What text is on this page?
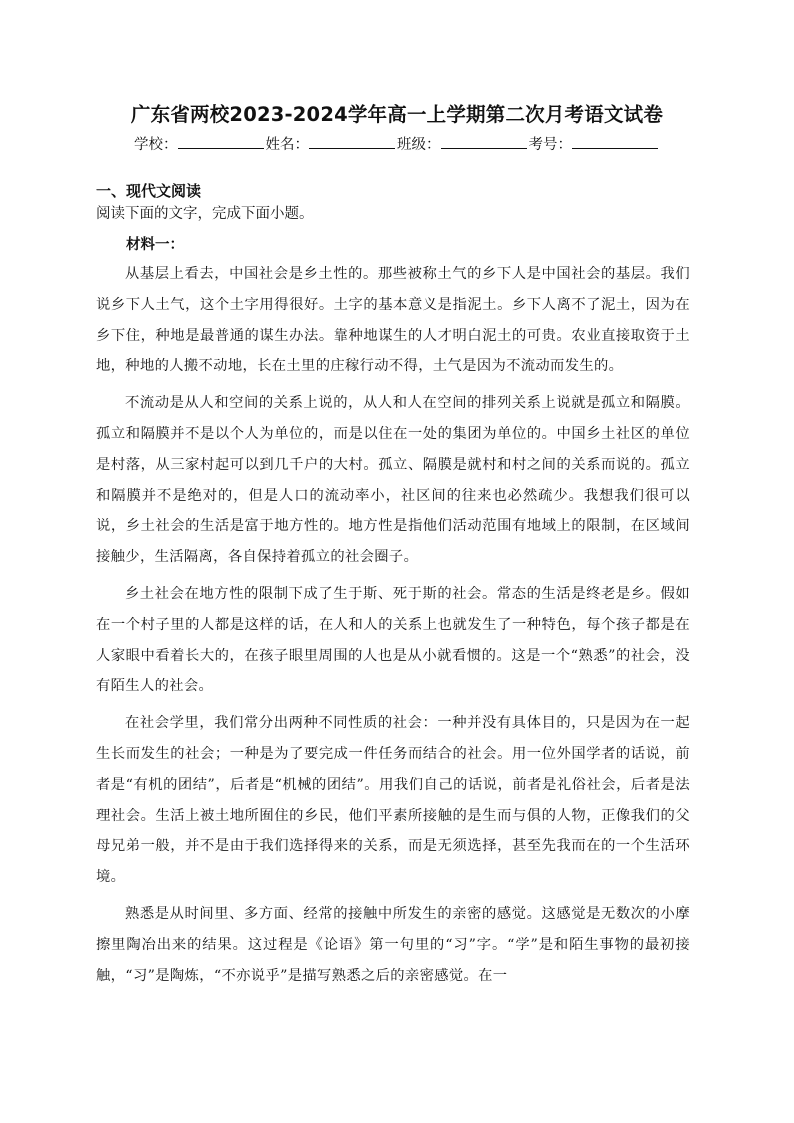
广东省两校2023-2024学年高一上学期第二次月考语文试卷
学校：	姓名：	班级：	考号：
一、现代文阅读

阅读下面的文字，完成下面小题。

材料一：

从基层上看去，中国社会是乡土性的。那些被称土气的乡下人是中国社会的基层。我们说乡下人土气，这个土字用得很好。土字的基本意义是指泥土。乡下人离不了泥土，因为在乡下住，种地是最普通的谋生办法。靠种地谋生的人才明白泥土的可贵。农业直接取资于土地，种地的人搬不动地，长在土里的庄稼行动不得，土气是因为不流动而发生的。

不流动是从人和空间的关系上说的，从人和人在空间的排列关系上说就是孤立和隔膜。孤立和隔膜并不是以个人为单位的，而是以住在一处的集团为单位的。中国乡土社区的单位是村落，从三家村起可以到几千户的大村。孤立、隔膜是就村和村之间的关系而说的。孤立和隔膜并不是绝对的，但是人口的流动率小，社区间的往来也必然疏少。我想我们很可以说，乡土社会的生活是富于地方性的。地方性是指他们活动范围有地域上的限制，在区域间接触少，生活隔离，各自保持着孤立的社会圈子。

乡土社会在地方性的限制下成了生于斯、死于斯的社会。常态的生活是终老是乡。假如在一个村子里的人都是这样的话，在人和人的关系上也就发生了一种特色，每个孩子都是在人家眼中看着长大的，在孩子眼里周围的人也是从小就看惯的。这是一个“熟悉”的社会，没有陌生人的社会。

在社会学里，我们常分出两种不同性质的社会：一种并没有具体目的，只是因为在一起生长而发生的社会；一种是为了要完成一件任务而结合的社会。用一位外国学者的话说，前者是“有机的团结”，后者是“机械的团结”。用我们自己的话说，前者是礼俗社会，后者是法理社会。生活上被土地所囿住的乡民，他们平素所接触的是生而与俱的人物，正像我们的父母兄弟一般，并不是由于我们选择得来的关系，而是无须选择，甚至先我而在的一个生活环境。

熟悉是从时间里、多方面、经常的接触中所发生的亲密的感觉。这感觉是无数次的小摩擦里陶冶出来的结果。这过程是《论语》第一句里的“习”字。“学”是和陌生事物的最初接触，“习”是陶炼，“不亦说乎”是描写熟悉之后的亲密感觉。在一
